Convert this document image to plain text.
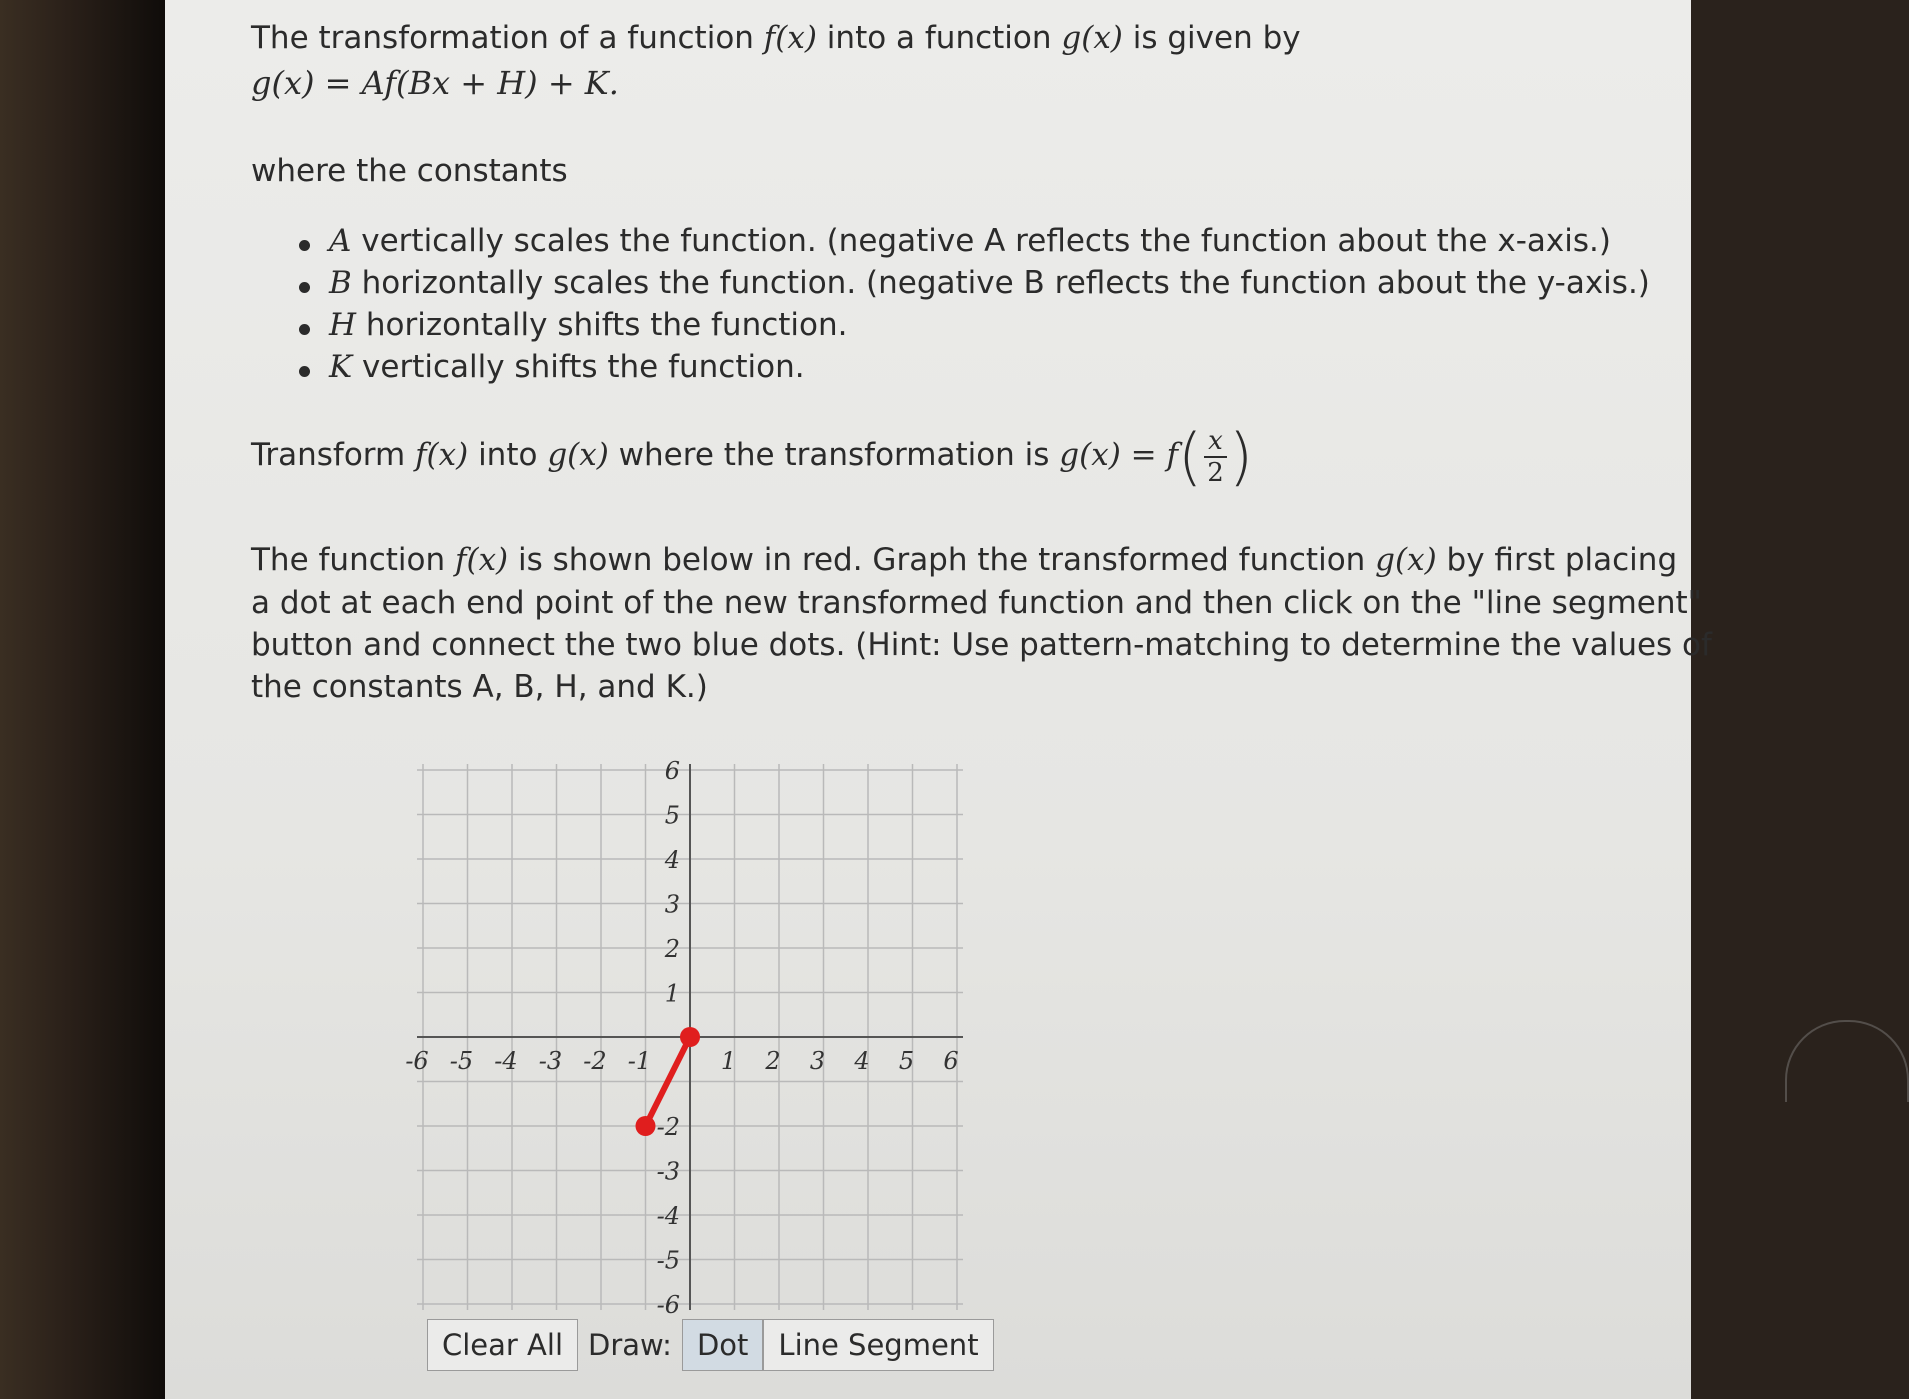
The transformation of a function f(x) into a function g(x) is given by
g(x) = Af(Bx + H) + K.
where the constants
A vertically scales the function. (negative A reflects the function about the x-axis.)
B horizontally scales the function. (negative B reflects the function about the y-axis.)
H horizontally shifts the function.
K vertically shifts the function.
Transform f(x) into g(x) where the transformation is $g(x) = f( \frac{x}{2}$ )
The function f(x) is shown below in red. Graph the transformed function g(x) by first placing
a dot at each end point of the new transformed function and then click on the "line segment"
button and connect the two blue dots. (Hint: Use pattern-matching to determine the values of
the constants A, B, H, and K.)
-6 -5 -4 -3 -2 -1	1 2 3 4 5 6
6
5
4
3
2
1
-2
-3
-4
-5
-6
Clear All Draw: Dot	Line Segment
